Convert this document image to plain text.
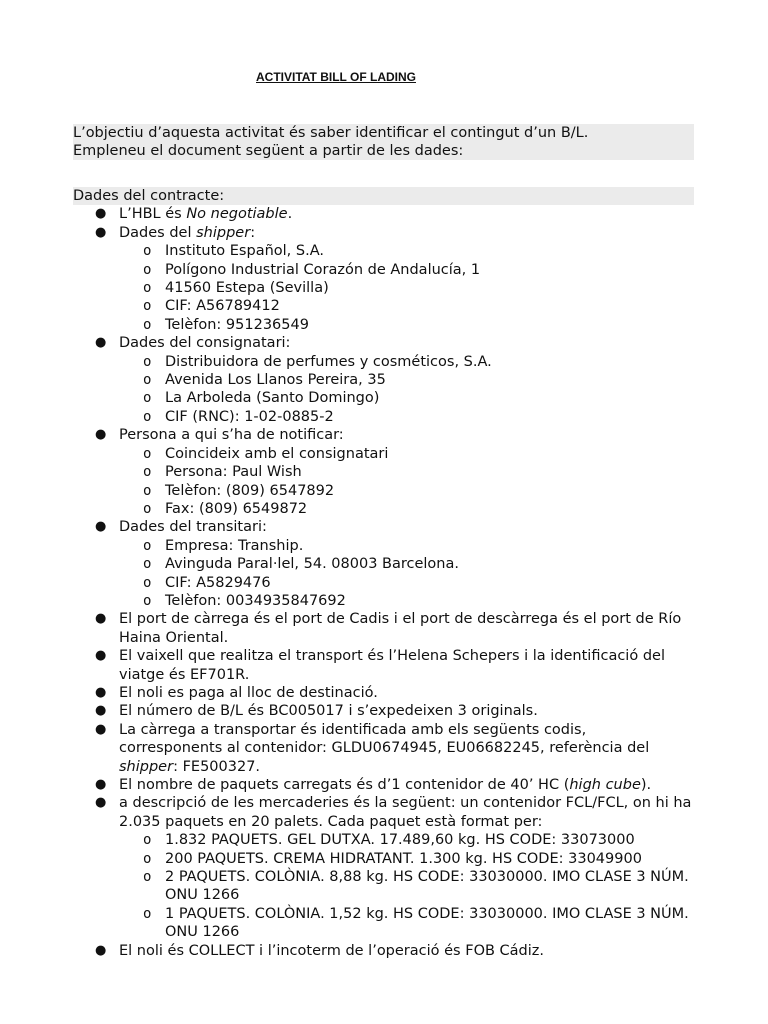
ACTIVITAT BILL OF LADING
L’objectiu d’aquesta activitat és saber identificar el contingut d’un B/L.
Empleneu el document següent a partir de les dades:
Dades del contracte:
● L’HBL és No negotiable.
● Dades del shipper:
o Instituto Español, S.A.
o Polígono Industrial Corazón de Andalucía, 1
o 41560 Estepa (Sevilla)
o CIF: A56789412
o Telèfon: 951236549
● Dades del consignatari:
o Distribuidora de perfumes y cosméticos, S.A.
o Avenida Los Llanos Pereira, 35
o La Arboleda (Santo Domingo)
o CIF (RNC): 1-02-0885-2
● Persona a qui s’ha de notificar:
o Coincideix amb el consignatari
o Persona: Paul Wish
o Telèfon: (809) 6547892
o Fax: (809) 6549872
● Dades del transitari:
o Empresa: Tranship.
o Avinguda Paral·lel, 54. 08003 Barcelona.
o CIF: A5829476
o Telèfon: 0034935847692
● El port de càrrega és el port de Cadis i el port de descàrrega és el port de Río Haina Oriental.
● El vaixell que realitza el transport és l’Helena Schepers i la identificació del viatge és EF701R.
● El noli es paga al lloc de destinació.
● El número de B/L és BC005017 i s’expedeixen 3 originals.
● La càrrega a transportar és identificada amb els següents codis, corresponents al contenidor: GLDU0674945, EU06682245, referència del shipper: FE500327.
● El nombre de paquets carregats és d’1 contenidor de 40’ HC (high cube).
● a descripció de les mercaderies és la següent: un contenidor FCL/FCL, on hi ha 2.035 paquets en 20 palets. Cada paquet està format per:
o 1.832 PAQUETS. GEL DUTXA. 17.489,60 kg. HS CODE: 33073000
o 200 PAQUETS. CREMA HIDRATANT. 1.300 kg. HS CODE: 33049900
o 2 PAQUETS. COLÒNIA. 8,88 kg. HS CODE: 33030000. IMO CLASE 3 NÚM. ONU 1266
o 1 PAQUETS. COLÒNIA. 1,52 kg. HS CODE: 33030000. IMO CLASE 3 NÚM. ONU 1266
● El noli és COLLECT i l’incoterm de l’operació és FOB Cádiz.
